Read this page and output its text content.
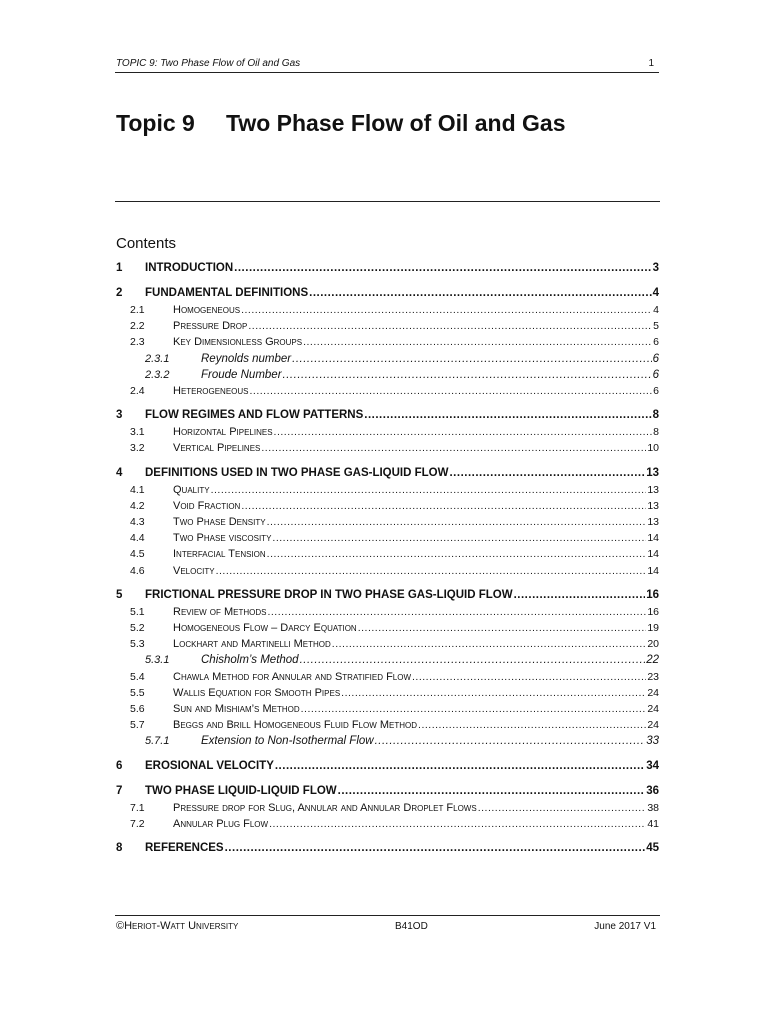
TOPIC 9: Two Phase Flow of Oil and Gas	1
Topic 9 Two Phase Flow of Oil and Gas
Contents
1	INTRODUCTION .....	3
2	FUNDAMENTAL DEFINITIONS .....	4
2.1	Homogeneous .....	4
2.2	Pressure Drop .....	5
2.3	Key Dimensionless Groups .....	6
2.3.1	Reynolds number .....	6
2.3.2	Froude Number .....	6
2.4	Heterogeneous .....	6
3	FLOW REGIMES AND FLOW PATTERNS .....	8
3.1	Horizontal Pipelines .....	8
3.2	Vertical Pipelines .....	10
4	DEFINITIONS USED IN TWO PHASE GAS-LIQUID FLOW .....	13
4.1	Quality .....	13
4.2	Void Fraction .....	13
4.3	Two Phase Density .....	13
4.4	Two Phase viscosity .....	14
4.5	Interfacial Tension .....	14
4.6	Velocity .....	14
5	FRICTIONAL PRESSURE DROP IN TWO PHASE GAS-LIQUID FLOW .....	16
5.1	Review of Methods .....	16
5.2	Homogeneous Flow – Darcy Equation .....	19
5.3	Lockhart and Martinelli Method .....	20
5.3.1	Chisholm’s Method .....	22
5.4	Chawla Method for Annular and Stratified Flow .....	23
5.5	Wallis Equation for Smooth Pipes .....	24
5.6	Sun and Mishiam’s Method .....	24
5.7	Beggs and Brill Homogeneous Fluid Flow Method .....	24
5.7.1	Extension to Non-Isothermal Flow .....	33
6	EROSIONAL VELOCITY .....	34
7	TWO PHASE LIQUID-LIQUID FLOW .....	36
7.1	Pressure drop for Slug, Annular and Annular Droplet Flows .....	38
7.2	Annular Plug Flow .....	41
8	REFERENCES .....	45
©Heriot-Watt University	B41OD	June 2017 V1
